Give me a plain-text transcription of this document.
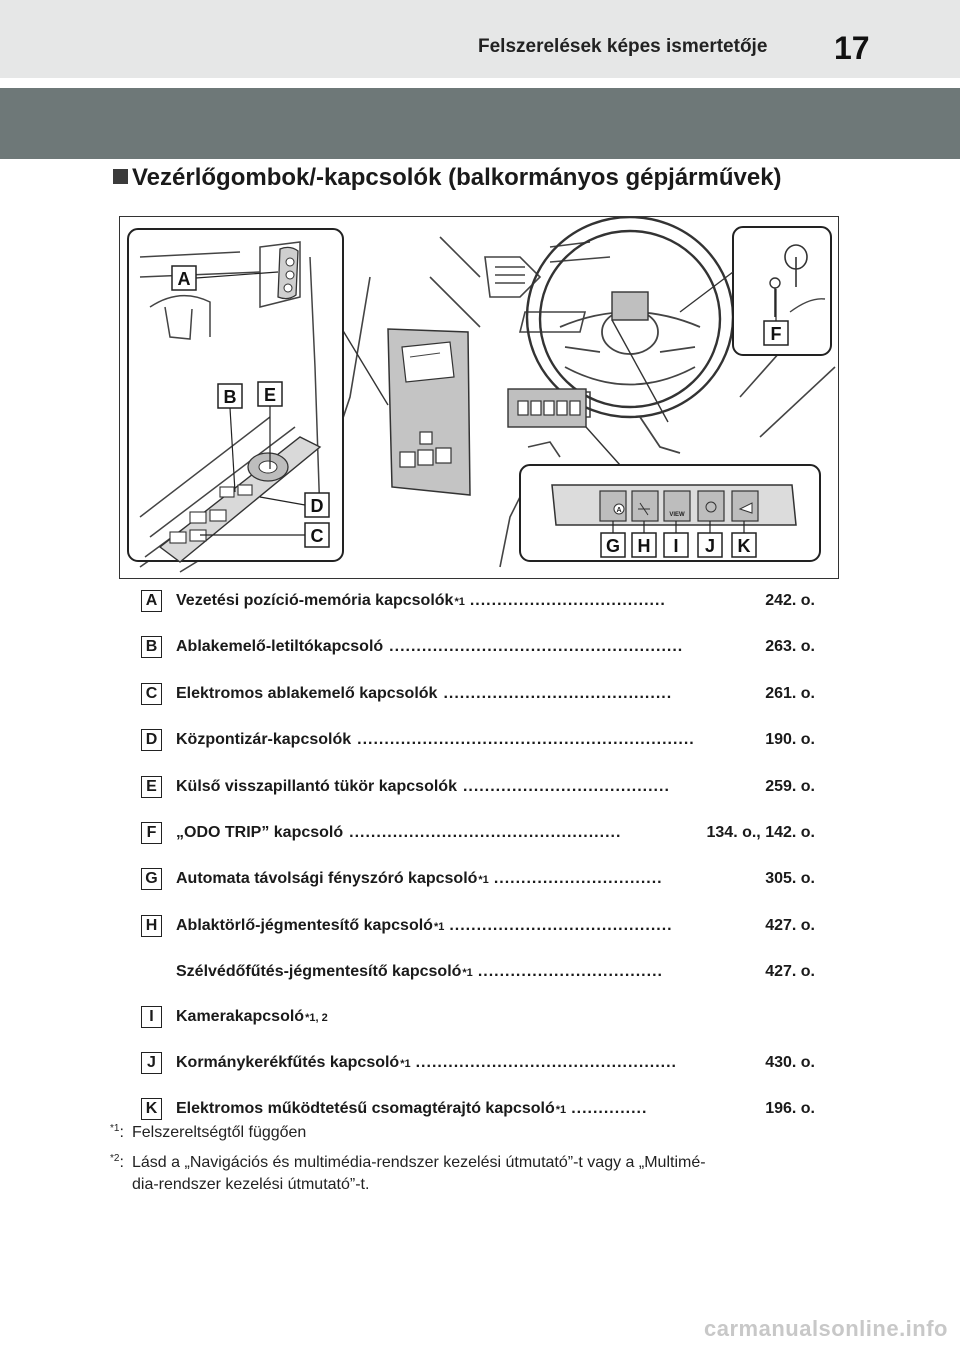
Felszerelések képes ismertetője 17
Vezérlőgombok/-kapcsolók (balkormányos gépjárművek)
A
VIEW
A
B E
D
C
F
G H I J K
A Vezetési pozíció-memória kapcsolók *1 ....................................	242. o.
B Ablakemelő-letiltókapcsoló ......................................................	263. o.
C Elektromos ablakemelő kapcsolók ..........................................	261. o.
D Központizár-kapcsolók ..............................................................	190. o.
E	Külső visszapillantó tükör kapcsolók ......................................	259. o.
F	„ODO TRIP” kapcsoló ..................................................	134. o., 142. o.
G Automata távolsági fényszóró kapcsoló *1 ...............................	305. o.
H Ablaktörlő-jégmentesítő kapcsoló *1 .........................................	427. o.
Szélvédőfűtés-jégmentesítő kapcsoló *1 ..................................	427. o.
I	Kamerakapcsoló *1, 2
J	Kormánykerékfűtés kapcsoló *1 ................................................	430. o.
K Elektromos működtetésű csomagtérajtó kapcsoló *1 ..............	196. o.
$^{*1}$: Felszereltségtől függően
$^{*2}$: Lásd a „Navigációs és multimédia-rendszer kezelési útmutató”-t vagy a „Multimé-
dia-rendszer kezelési útmutató”-t.
carmanualsonline.info
